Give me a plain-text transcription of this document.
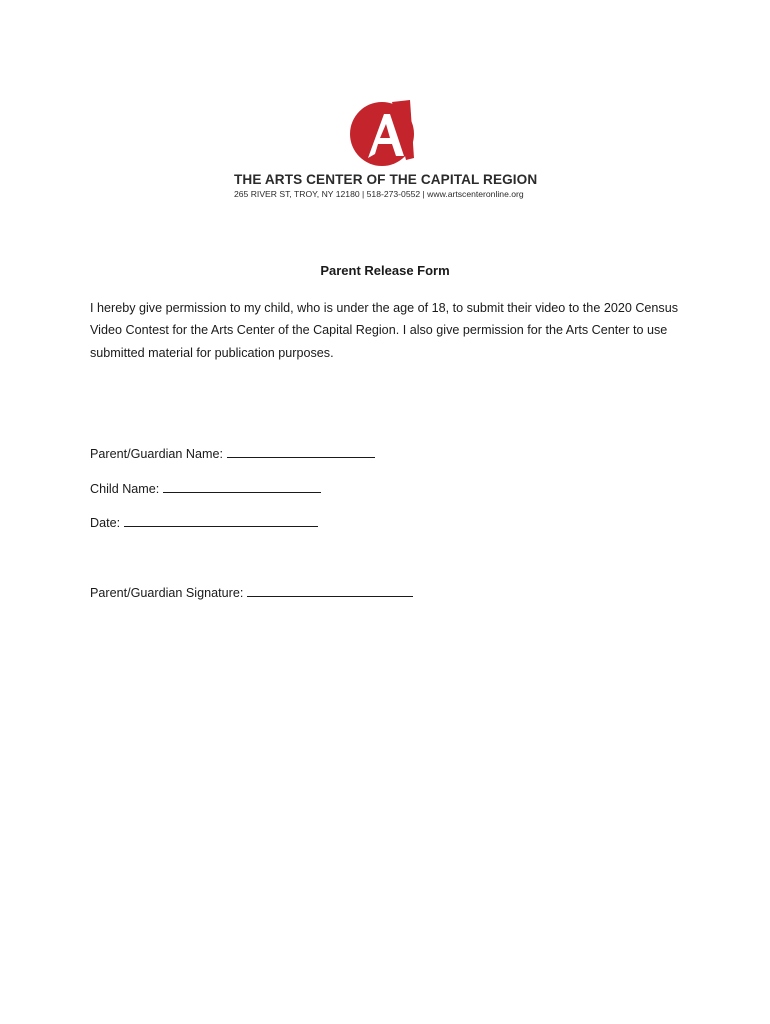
THE ARTS CENTER OF THE CAPITAL REGION
265 RIVER ST, TROY, NY 12180 | 518-273-0552 | www.artscenteronline.org
Parent Release Form
I hereby give permission to my child, who is under the age of 18, to submit their video to the 2020 Census Video Contest for the Arts Center of the Capital Region. I also give permission for the Arts Center to use submitted material for publication purposes.
Parent/Guardian Name:
Child Name:
Date:
Parent/Guardian Signature:
